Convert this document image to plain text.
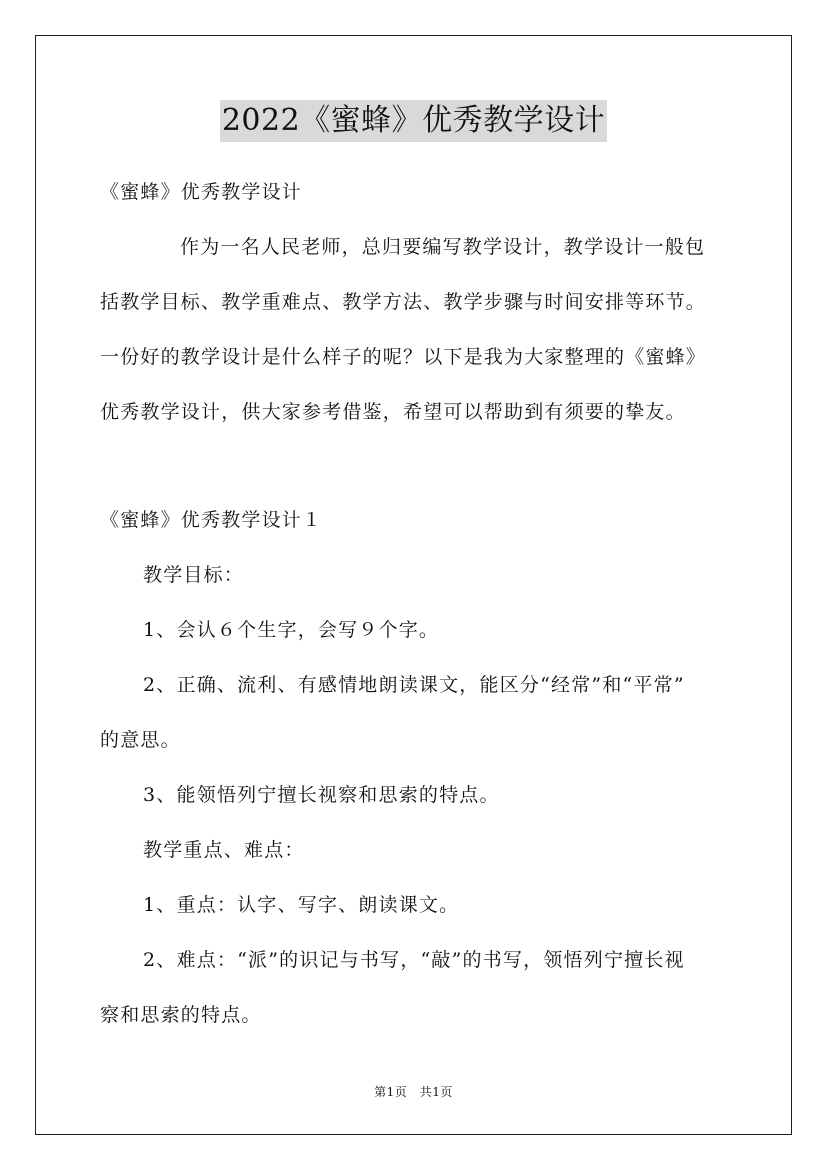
2022《蜜蜂》优秀教学设计
《蜜蜂》优秀教学设计
作为一名人民老师，总归要编写教学设计，教学设计一般包
括教学目标、教学重难点、教学方法、教学步骤与时间安排等环节。
一份好的教学设计是什么样子的呢？以下是我为大家整理的《蜜蜂》
优秀教学设计，供大家参考借鉴，希望可以帮助到有须要的挚友。
《蜜蜂》优秀教学设计１
教学目标：
1、会认６个生字，会写９个字。
2、正确、流利、有感情地朗读课文，能区分“经常”和“平常”
的意思。
3、能领悟列宁擅长视察和思索的特点。
教学重点、难点：
1、重点：认字、写字、朗读课文。
2、难点：“派”的识记与书写，“敲”的书写，领悟列宁擅长视
察和思索的特点。
第1页　共1页
